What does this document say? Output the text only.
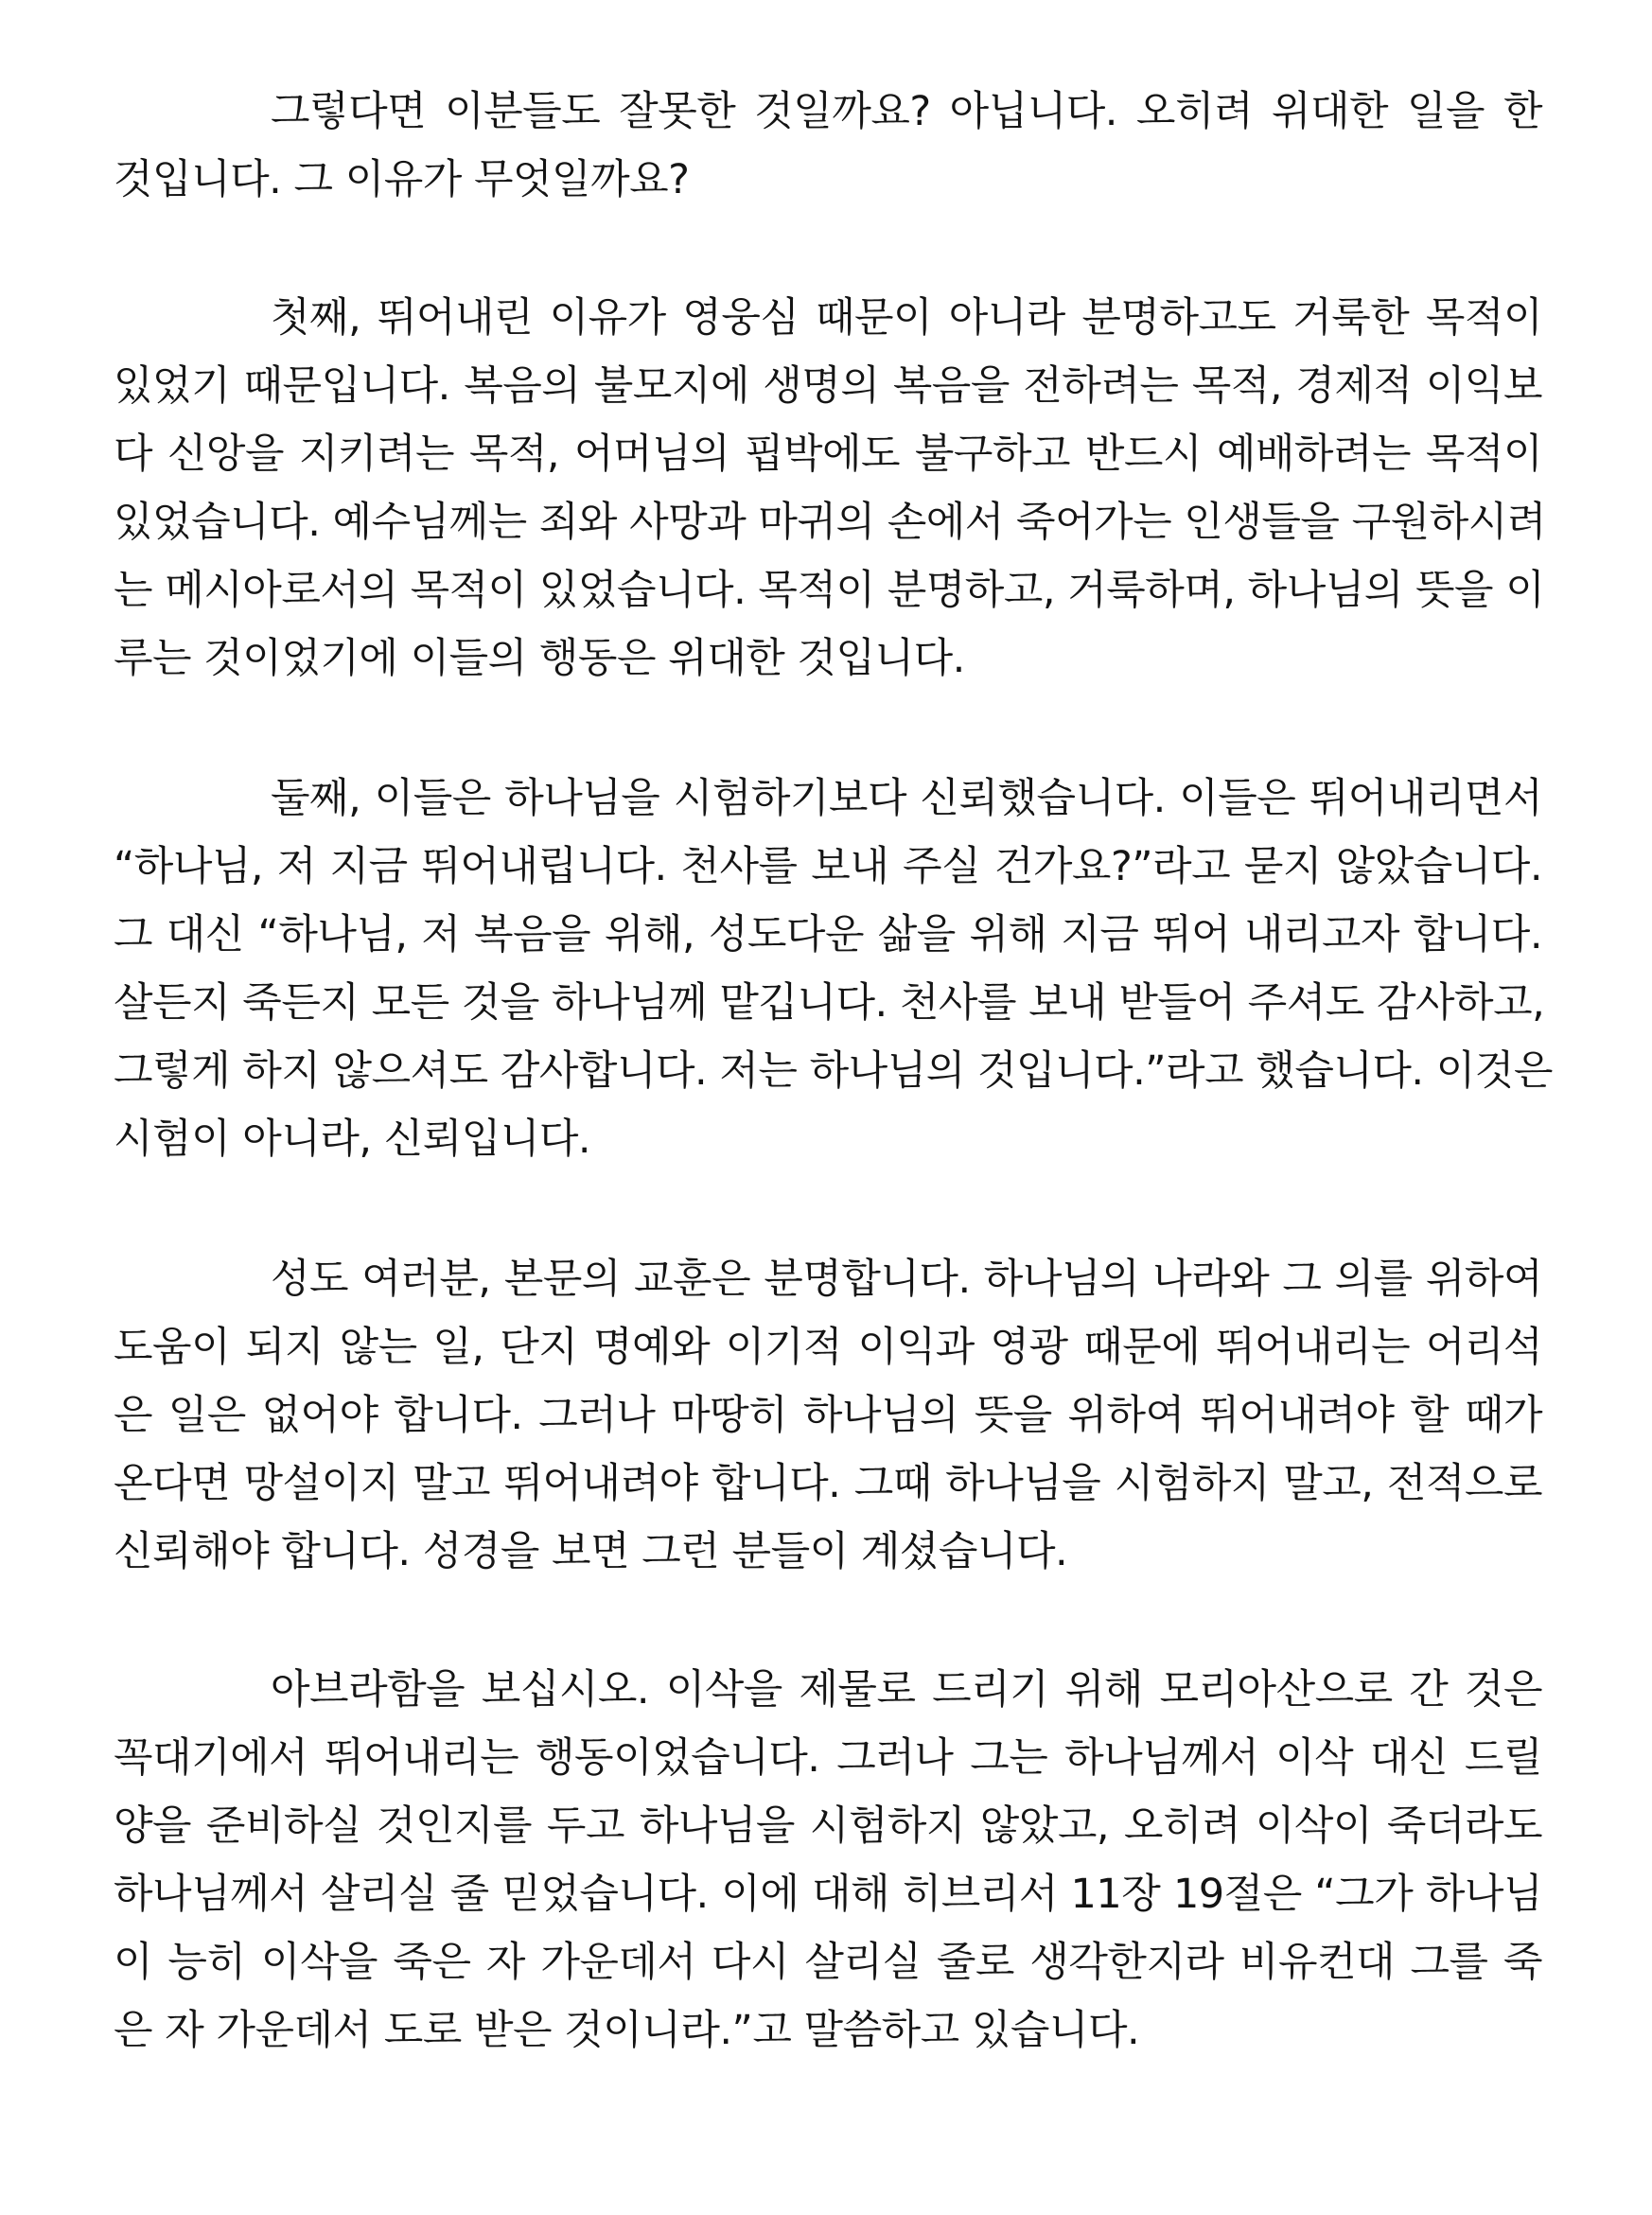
그렇다면 이분들도 잘못한 것일까요? 아닙니다. 오히려 위대한 일을 한
것입니다. 그 이유가 무엇일까요?
첫째, 뛰어내린 이유가 영웅심 때문이 아니라 분명하고도 거룩한 목적이
있었기 때문입니다. 복음의 불모지에 생명의 복음을 전하려는 목적, 경제적 이익보
다 신앙을 지키려는 목적, 어머님의 핍박에도 불구하고 반드시 예배하려는 목적이
있었습니다. 예수님께는 죄와 사망과 마귀의 손에서 죽어가는 인생들을 구원하시려
는 메시아로서의 목적이 있었습니다. 목적이 분명하고, 거룩하며, 하나님의 뜻을 이
루는 것이었기에 이들의 행동은 위대한 것입니다.
둘째, 이들은 하나님을 시험하기보다 신뢰했습니다. 이들은 뛰어내리면서
“하나님, 저 지금 뛰어내립니다. 천사를 보내 주실 건가요?”라고 묻지 않았습니다.
그 대신 “하나님, 저 복음을 위해, 성도다운 삶을 위해 지금 뛰어 내리고자 합니다.
살든지 죽든지 모든 것을 하나님께 맡깁니다. 천사를 보내 받들어 주셔도 감사하고,
그렇게 하지 않으셔도 감사합니다. 저는 하나님의 것입니다.”라고 했습니다. 이것은
시험이 아니라, 신뢰입니다.
성도 여러분, 본문의 교훈은 분명합니다. 하나님의 나라와 그 의를 위하여
도움이 되지 않는 일, 단지 명예와 이기적 이익과 영광 때문에 뛰어내리는 어리석
은 일은 없어야 합니다. 그러나 마땅히 하나님의 뜻을 위하여 뛰어내려야 할 때가
온다면 망설이지 말고 뛰어내려야 합니다. 그때 하나님을 시험하지 말고, 전적으로
신뢰해야 합니다. 성경을 보면 그런 분들이 계셨습니다.
아브라함을 보십시오. 이삭을 제물로 드리기 위해 모리아산으로 간 것은
꼭대기에서 뛰어내리는 행동이었습니다. 그러나 그는 하나님께서 이삭 대신 드릴
양을 준비하실 것인지를 두고 하나님을 시험하지 않았고, 오히려 이삭이 죽더라도
하나님께서 살리실 줄 믿었습니다. 이에 대해 히브리서 11장 19절은 “그가 하나님
이 능히 이삭을 죽은 자 가운데서 다시 살리실 줄로 생각한지라 비유컨대 그를 죽
은 자 가운데서 도로 받은 것이니라.”고 말씀하고 있습니다.
